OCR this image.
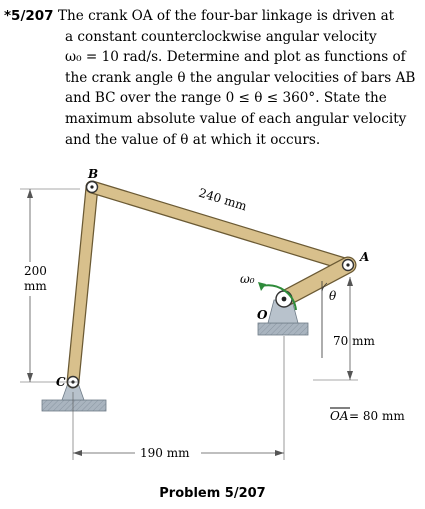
*5/207 The crank OA of the four-bar linkage is driven at
a constant counterclockwise angular velocity
ω₀ = 10 rad/s. Determine and plot as functions of
the crank angle θ the angular velocities of bars AB
and BC over the range 0 ≤ θ ≤ 360°. State the
maximum absolute value of each angular velocity
and the value of θ at which it occurs.

B
A
C
O
ω₀
θ
240 mm
200
mm
70 mm
190 mm
OA = 80 mm
Problem 5/207
